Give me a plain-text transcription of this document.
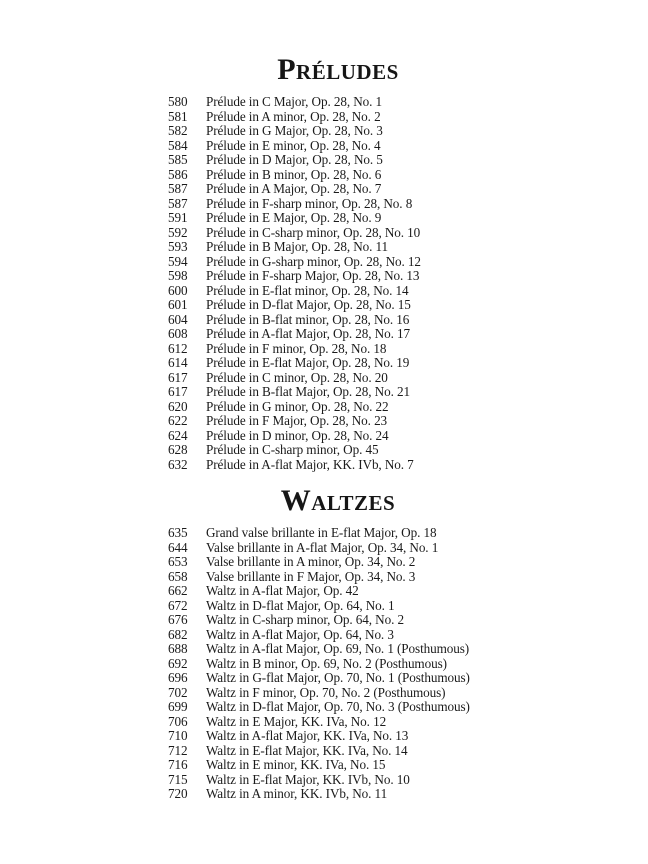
Préludes
580	Prélude in C Major, Op. 28, No. 1
581	Prélude in A minor, Op. 28, No. 2
582	Prélude in G Major, Op. 28, No. 3
584	Prélude in E minor, Op. 28, No. 4
585	Prélude in D Major, Op. 28, No. 5
586	Prélude in B minor, Op. 28, No. 6
587	Prélude in A Major, Op. 28, No. 7
587	Prélude in F-sharp minor, Op. 28, No. 8
591	Prélude in E Major, Op. 28, No. 9
592	Prélude in C-sharp minor, Op. 28, No. 10
593	Prélude in B Major, Op. 28, No. 11
594	Prélude in G-sharp minor, Op. 28, No. 12
598	Prélude in F-sharp Major, Op. 28, No. 13
600	Prélude in E-flat minor, Op. 28, No. 14
601	Prélude in D-flat Major, Op. 28, No. 15
604	Prélude in B-flat minor, Op. 28, No. 16
608	Prélude in A-flat Major, Op. 28, No. 17
612	Prélude in F minor, Op. 28, No. 18
614	Prélude in E-flat Major, Op. 28, No. 19
617	Prélude in C minor, Op. 28, No. 20
617	Prélude in B-flat Major, Op. 28, No. 21
620	Prélude in G minor, Op. 28, No. 22
622	Prélude in F Major, Op. 28, No. 23
624	Prélude in D minor, Op. 28, No. 24
628	Prélude in C-sharp minor, Op. 45
632	Prélude in A-flat Major, KK. IVb, No. 7
Waltzes
635	Grand valse brillante in E-flat Major, Op. 18
644	Valse brillante in A-flat Major, Op. 34, No. 1
653	Valse brillante in A minor, Op. 34, No. 2
658	Valse brillante in F Major, Op. 34, No. 3
662	Waltz in A-flat Major, Op. 42
672	Waltz in D-flat Major, Op. 64, No. 1
676	Waltz in C-sharp minor, Op. 64, No. 2
682	Waltz in A-flat Major, Op. 64, No. 3
688	Waltz in A-flat Major, Op. 69, No. 1 (Posthumous)
692	Waltz in B minor, Op. 69, No. 2 (Posthumous)
696	Waltz in G-flat Major, Op. 70, No. 1 (Posthumous)
702	Waltz in F minor, Op. 70, No. 2 (Posthumous)
699	Waltz in D-flat Major, Op. 70, No. 3 (Posthumous)
706	Waltz in E Major, KK. IVa, No. 12
710	Waltz in A-flat Major, KK. IVa, No. 13
712	Waltz in E-flat Major, KK. IVa, No. 14
716	Waltz in E minor, KK. IVa, No. 15
715	Waltz in E-flat Major, KK. IVb, No. 10
720	Waltz in A minor, KK. IVb, No. 11
